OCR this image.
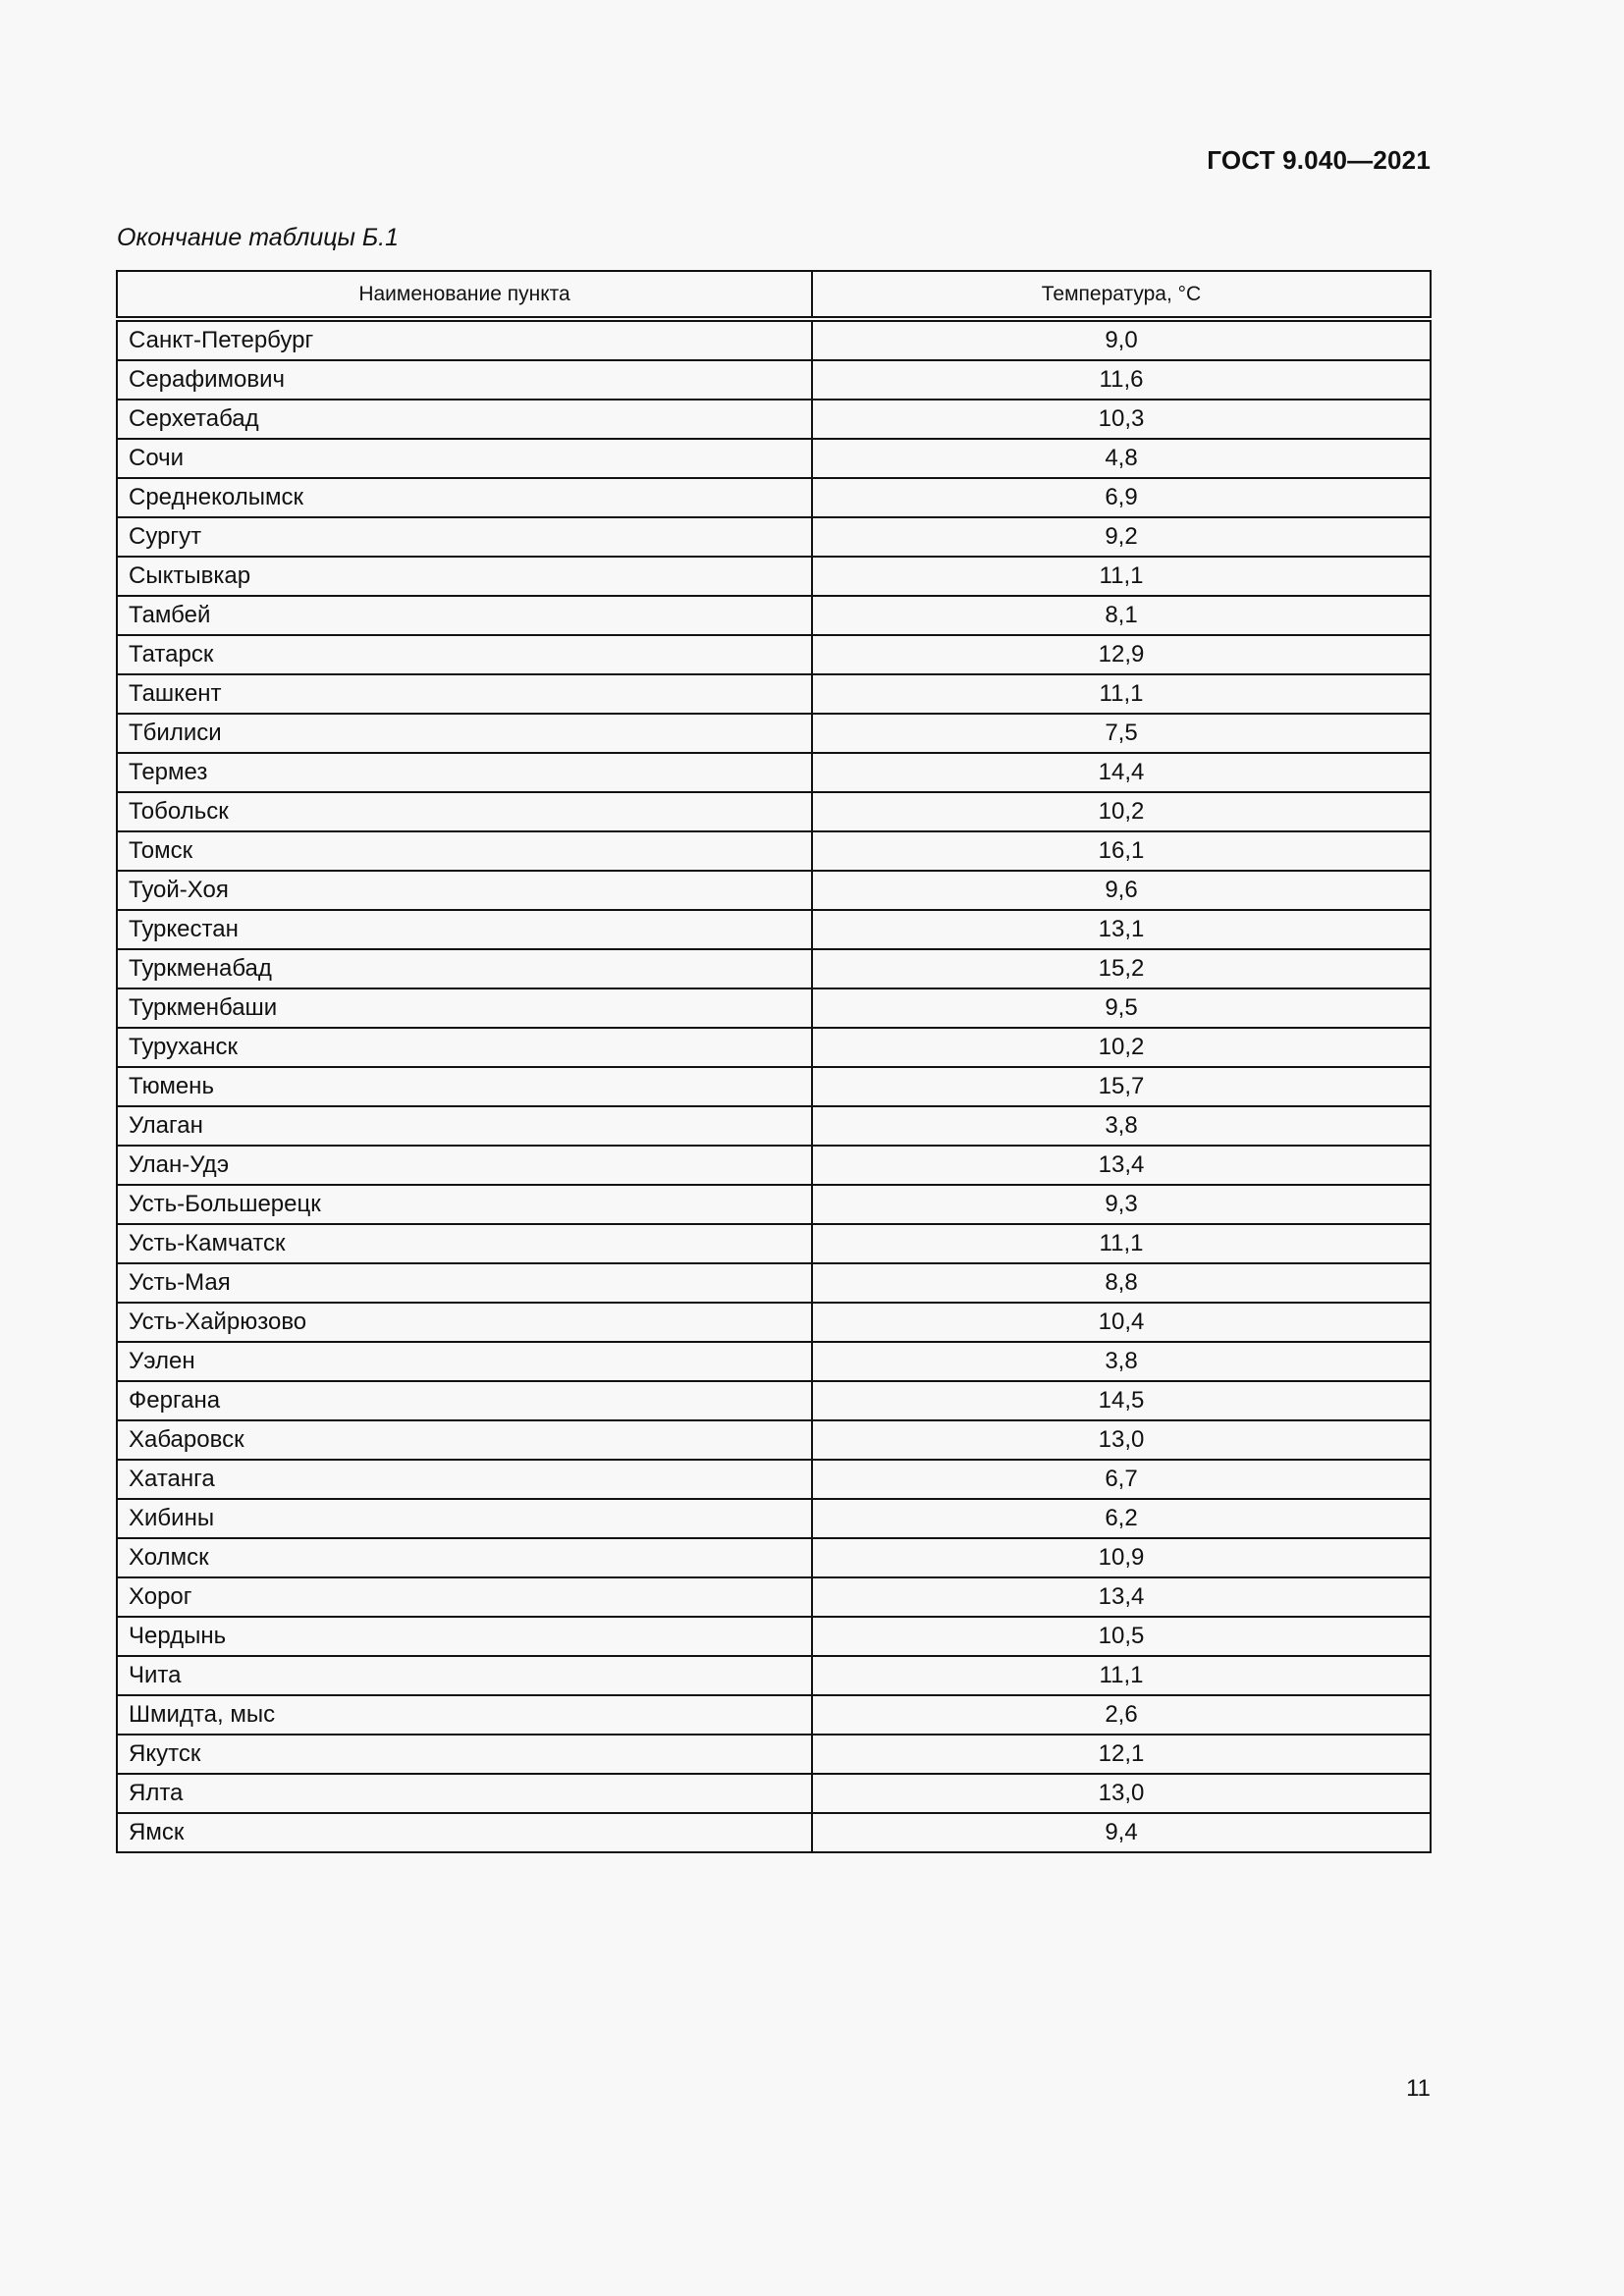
ГОСТ 9.040—2021
Окончание таблицы Б.1
Наименование пункта	Температура, °С
Санкт-Петербург	9,0
Серафимович	11,6
Серхетабад	10,3
Сочи	4,8
Среднеколымск	6,9
Сургут	9,2
Сыктывкар	11,1
Тамбей	8,1
Татарск	12,9
Ташкент	11,1
Тбилиси	7,5
Термез	14,4
Тобольск	10,2
Томск	16,1
Туой-Хоя	9,6
Туркестан	13,1
Туркменабад	15,2
Туркменбаши	9,5
Туруханск	10,2
Тюмень	15,7
Улаган	3,8
Улан-Удэ	13,4
Усть-Большерецк	9,3
Усть-Камчатск	11,1
Усть-Мая	8,8
Усть-Хайрюзово	10,4
Уэлен	3,8
Фергана	14,5
Хабаровск	13,0
Хатанга	6,7
Хибины	6,2
Холмск	10,9
Хорог	13,4
Чердынь	10,5
Чита	11,1
Шмидта, мыс	2,6
Якутск	12,1
Ялта	13,0
Ямск	9,4
11
